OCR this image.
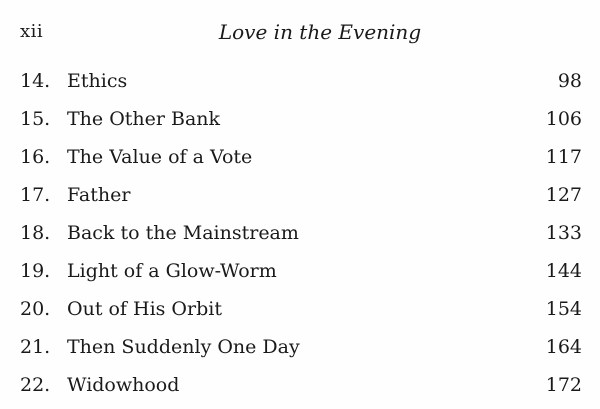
xii	Love in the Evening
14. Ethics	98
15. The Other Bank	106
16. The Value of a Vote	117
17. Father	127
18. Back to the Mainstream	133
19. Light of a Glow-Worm	144
20. Out of His Orbit	154
21. Then Suddenly One Day	164
22. Widowhood	172
